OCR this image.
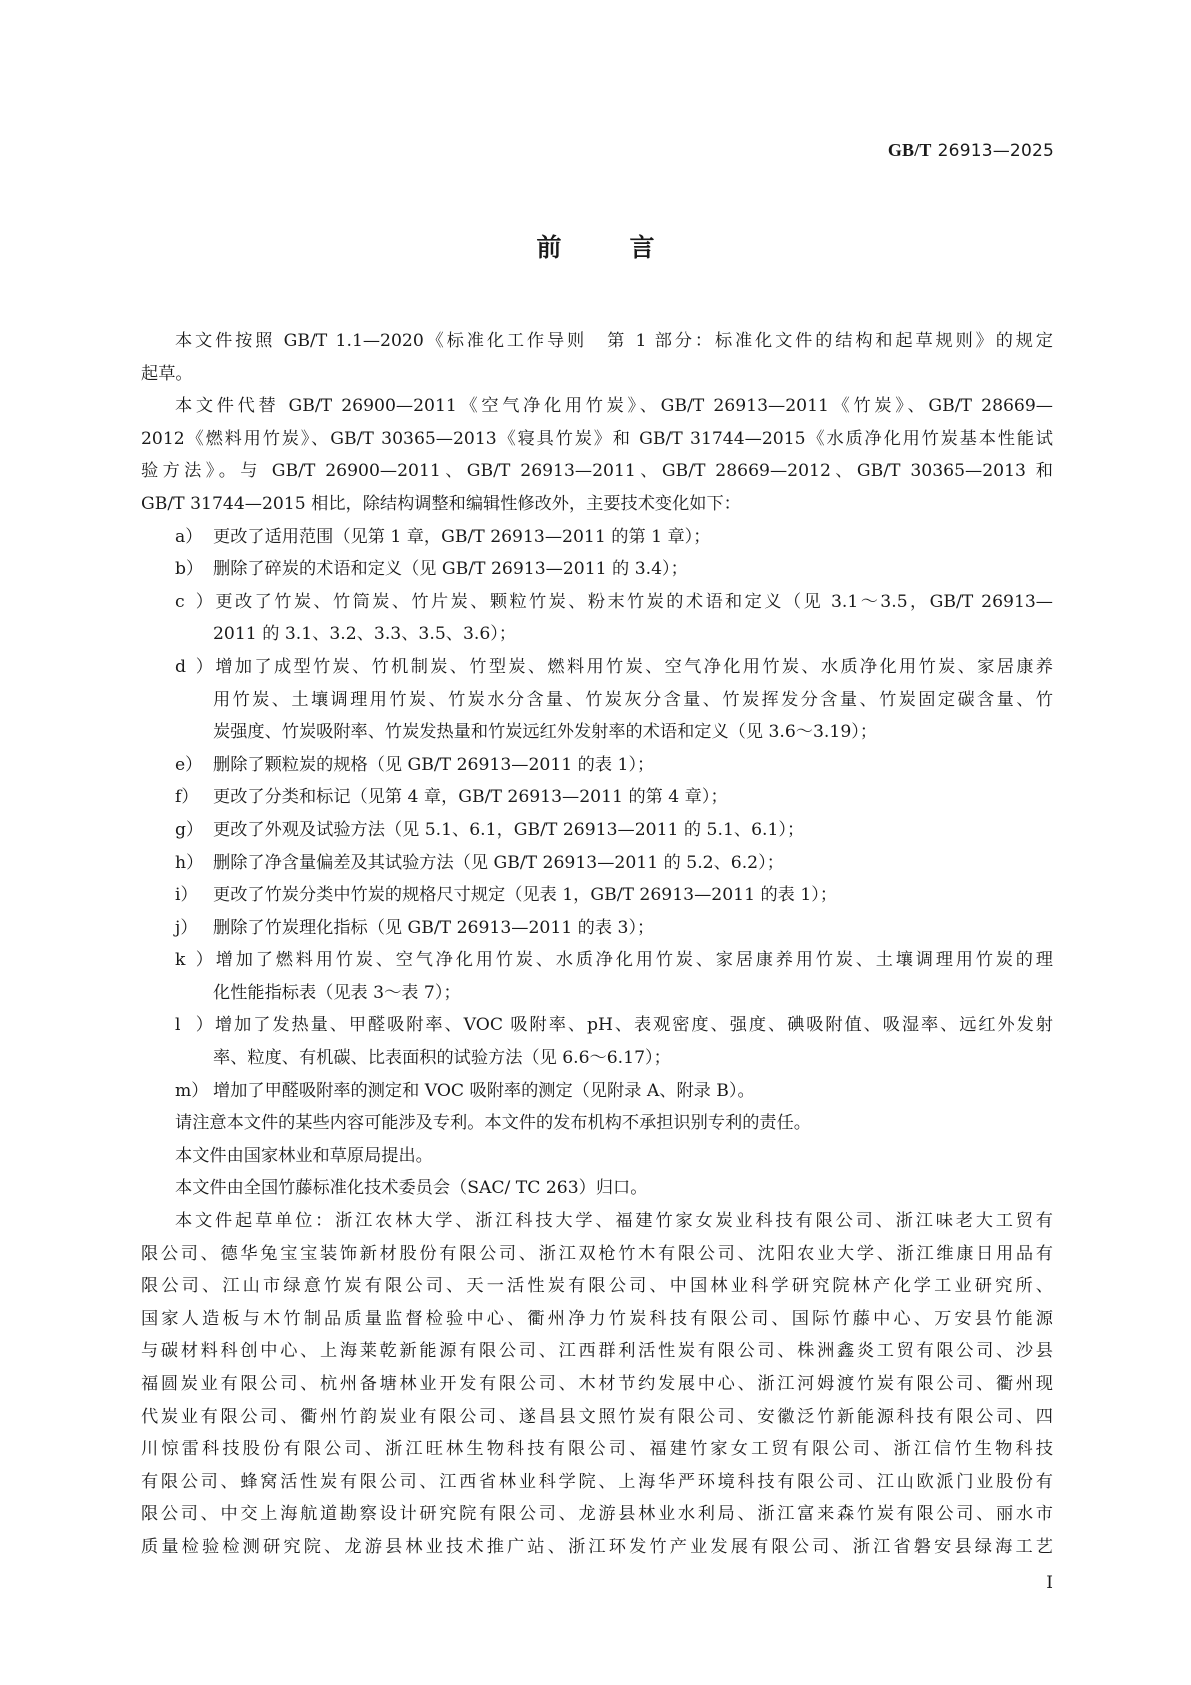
GB/T 26913—2025
前	言
本文件按照 GB/T 1.1—2020《标准化工作导则　第 1 部分：标准化文件的结构和起草规则》的规定
起草。
本文件代替 GB/T 26900—2011《空气净化用竹炭》、GB/T 26913—2011《竹炭》、GB/T 28669—
2012《燃料用竹炭》、GB/T 30365—2013《寝具竹炭》和 GB/T 31744—2015《水质净化用竹炭基本性能试
验方法》。与 GB/T 26900—2011、GB/T 26913—2011、GB/T 28669—2012、GB/T 30365—2013 和
GB/T 31744—2015 相比，除结构调整和编辑性修改外，主要技术变化如下：
a） 更改了适用范围（见第 1 章，GB/T 26913—2011 的第 1 章）；
b） 删除了碎炭的术语和定义（见 GB/T 26913—2011 的 3.4）；
c）更改了竹炭、竹筒炭、竹片炭、颗粒竹炭、粉末竹炭的术语和定义（见 3.1～3.5，GB/T 26913—
2011 的 3.1、3.2、3.3、3.5、3.6）；
d）增加了成型竹炭、竹机制炭、竹型炭、燃料用竹炭、空气净化用竹炭、水质净化用竹炭、家居康养
用竹炭、土壤调理用竹炭、竹炭水分含量、竹炭灰分含量、竹炭挥发分含量、竹炭固定碳含量、竹
炭强度、竹炭吸附率、竹炭发热量和竹炭远红外发射率的术语和定义（见 3.6～3.19）；
e） 删除了颗粒炭的规格（见 GB/T 26913—2011 的表 1）；
f） 更改了分类和标记（见第 4 章，GB/T 26913—2011 的第 4 章）；
g） 更改了外观及试验方法（见 5.1、6.1，GB/T 26913—2011 的 5.1、6.1）；
h） 删除了净含量偏差及其试验方法（见 GB/T 26913—2011 的 5.2、6.2）；
i） 更改了竹炭分类中竹炭的规格尺寸规定（见表 1，GB/T 26913—2011 的表 1）；
j） 删除了竹炭理化指标（见 GB/T 26913—2011 的表 3）；
k）增加了燃料用竹炭、空气净化用竹炭、水质净化用竹炭、家居康养用竹炭、土壤调理用竹炭的理
化性能指标表（见表 3～表 7）；
l）增加了发热量、甲醛吸附率、VOC 吸附率、pH、表观密度、强度、碘吸附值、吸湿率、远红外发射
率、粒度、有机碳、比表面积的试验方法（见 6.6～6.17）；
m） 增加了甲醛吸附率的测定和 VOC 吸附率的测定（见附录 A、附录 B）。
请注意本文件的某些内容可能涉及专利。本文件的发布机构不承担识别专利的责任。
本文件由国家林业和草原局提出。
本文件由全国竹藤标准化技术委员会（SAC/ TC 263）归口。
本文件起草单位：浙江农林大学、浙江科技大学、福建竹家女炭业科技有限公司、浙江味老大工贸有
限公司、德华兔宝宝装饰新材股份有限公司、浙江双枪竹木有限公司、沈阳农业大学、浙江维康日用品有
限公司、江山市绿意竹炭有限公司、天一活性炭有限公司、中国林业科学研究院林产化学工业研究所、
国家人造板与木竹制品质量监督检验中心、衢州净力竹炭科技有限公司、国际竹藤中心、万安县竹能源
与碳材料科创中心、上海莱乾新能源有限公司、江西群利活性炭有限公司、株洲鑫炎工贸有限公司、沙县
福圆炭业有限公司、杭州备塘林业开发有限公司、木材节约发展中心、浙江河姆渡竹炭有限公司、衢州现
代炭业有限公司、衢州竹韵炭业有限公司、遂昌县文照竹炭有限公司、安徽泛竹新能源科技有限公司、四
川惊雷科技股份有限公司、浙江旺林生物科技有限公司、福建竹家女工贸有限公司、浙江信竹生物科技
有限公司、蜂窝活性炭有限公司、江西省林业科学院、上海华严环境科技有限公司、江山欧派门业股份有
限公司、中交上海航道勘察设计研究院有限公司、龙游县林业水利局、浙江富来森竹炭有限公司、丽水市
质量检验检测研究院、龙游县林业技术推广站、浙江环发竹产业发展有限公司、浙江省磐安县绿海工艺
Ⅰ
